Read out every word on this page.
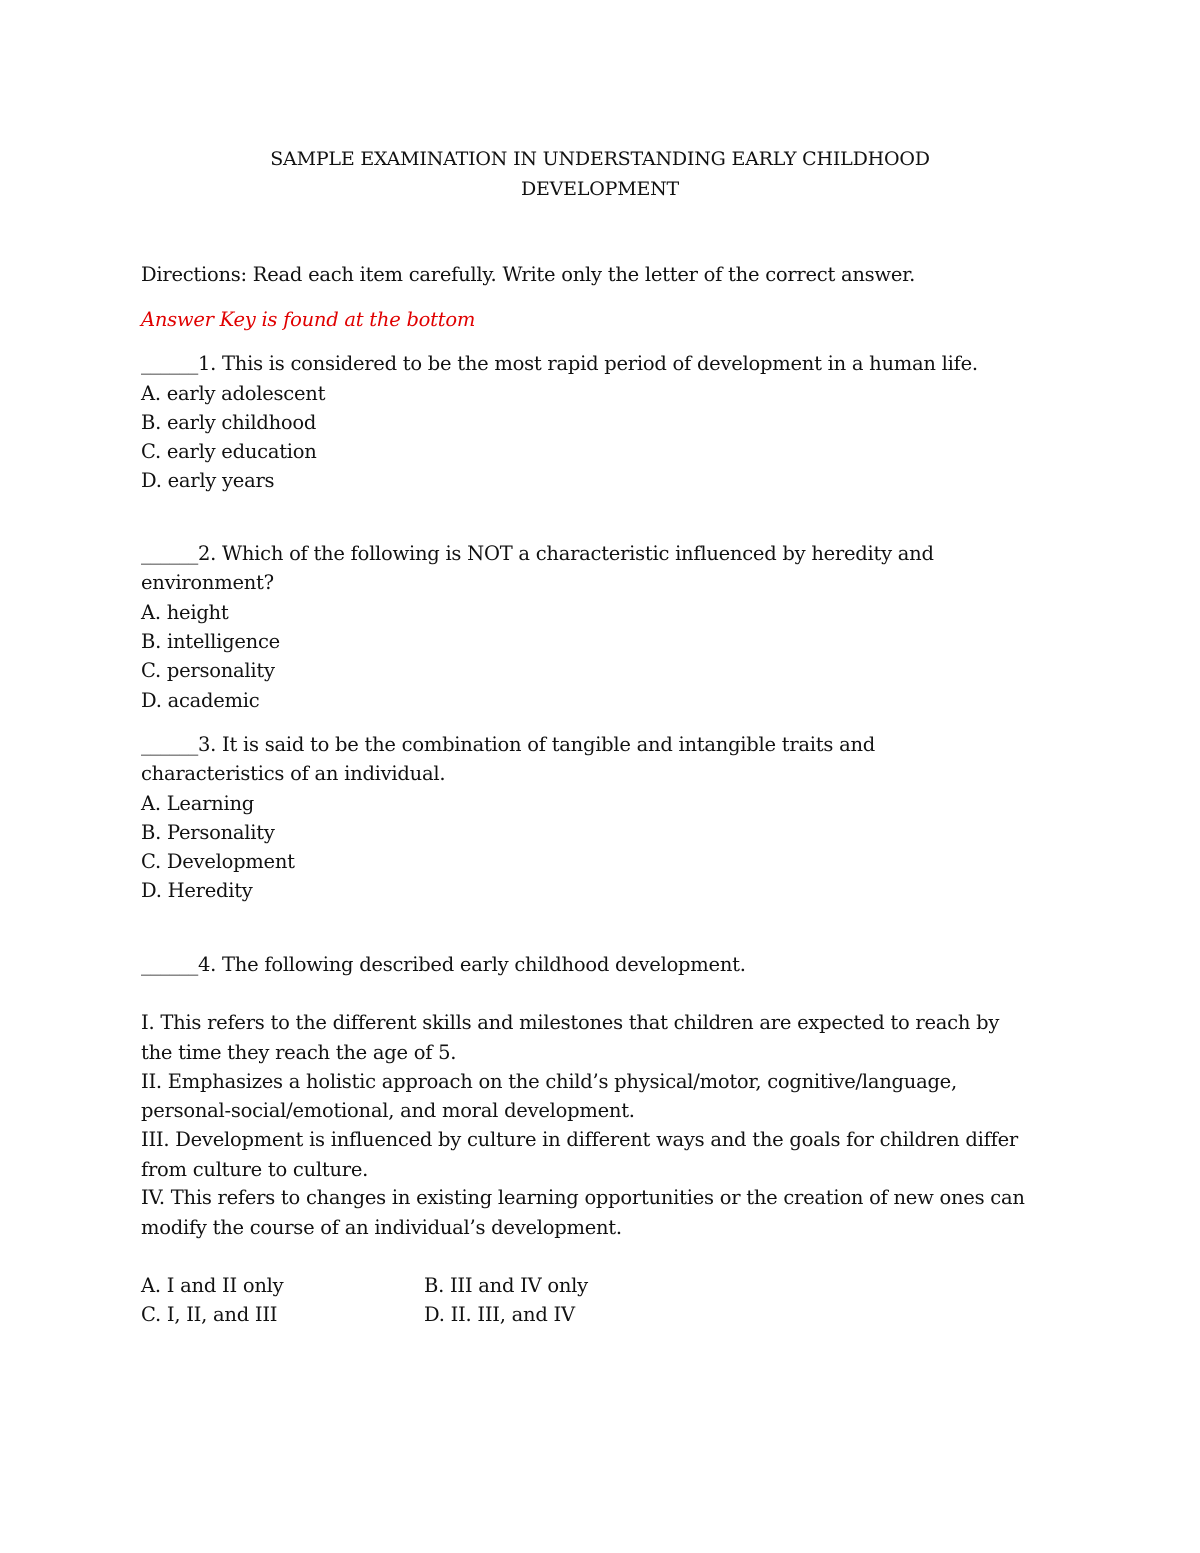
SAMPLE EXAMINATION IN UNDERSTANDING EARLY CHILDHOOD
DEVELOPMENT
Directions: Read each item carefully. Write only the letter of the correct answer.
Answer Key is found at the bottom
______1. This is considered to be the most rapid period of development in a human life.
A. early adolescent
B. early childhood
C. early education
D. early years
______2. Which of the following is NOT a characteristic influenced by heredity and
environment?
A. height
B. intelligence
C. personality
D. academic
______3. It is said to be the combination of tangible and intangible traits and
characteristics of an individual.
A. Learning
B. Personality
C. Development
D. Heredity
______4. The following described early childhood development.
I. This refers to the different skills and milestones that children are expected to reach by
the time they reach the age of 5.
II. Emphasizes a holistic approach on the child’s physical/motor, cognitive/language,
personal-social/emotional, and moral development.
III. Development is influenced by culture in different ways and the goals for children differ
from culture to culture.
IV. This refers to changes in existing learning opportunities or the creation of new ones can
modify the course of an individual’s development.
A. I and II only	B. III and IV only
C. I, II, and III	D. II. III, and IV
